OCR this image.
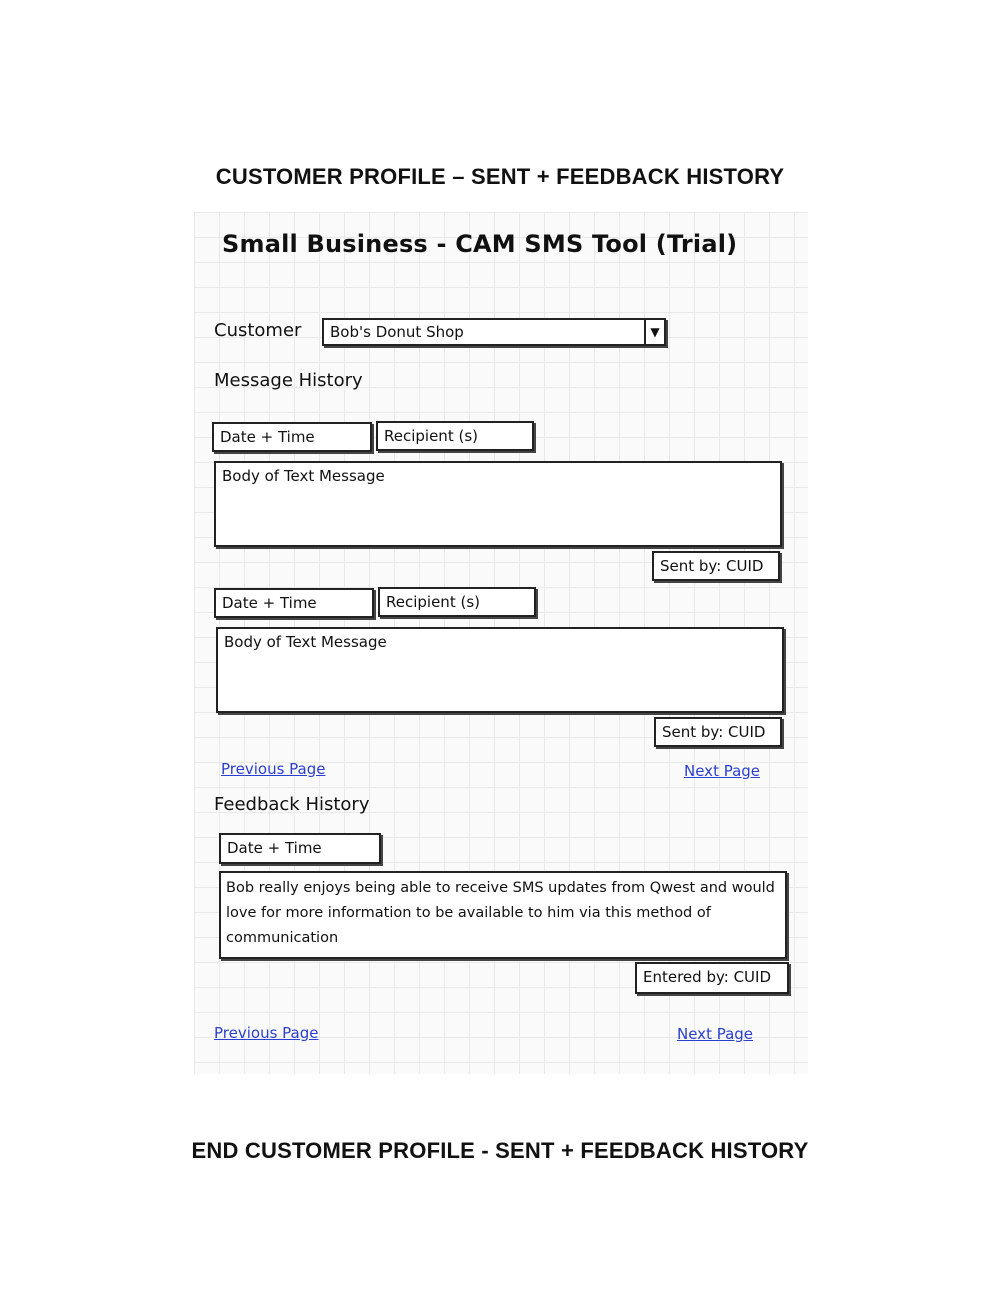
CUSTOMER PROFILE – SENT + FEEDBACK HISTORY
Small Business - CAM SMS Tool (Trial)
Customer Bob's Donut Shop	▼
Message History
Date + Time	Recipient (s)
Body of Text Message
Sent by: CUID
Date + Time	Recipient (s)
Body of Text Message
Sent by: CUID
Previous Page	Next Page
Feedback History
Date + Time
Bob really enjoys being able to receive SMS updates from Qwest and would love for more information to be available to him via this method of communication
Entered by: CUID
Previous Page	Next Page
END CUSTOMER PROFILE - SENT + FEEDBACK HISTORY
